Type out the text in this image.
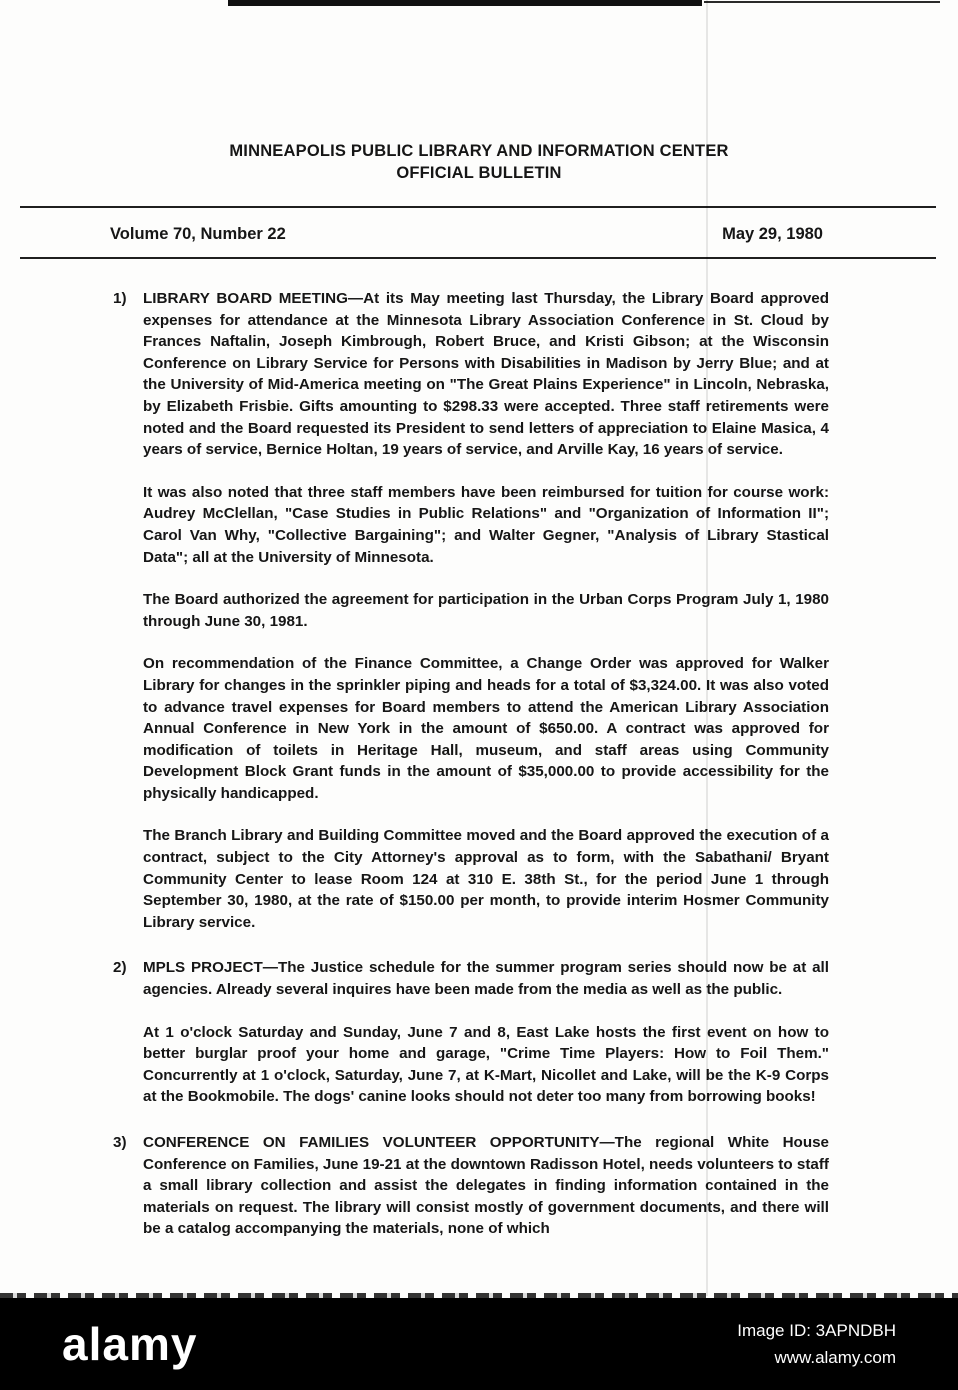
MINNEAPOLIS PUBLIC LIBRARY AND INFORMATION CENTER
OFFICIAL BULLETIN
Volume 70, Number 22	May 29, 1980
1)	LIBRARY BOARD MEETING—At its May meeting last Thursday, the Library Board approved expenses for attendance at the Minnesota Library Association Conference in St. Cloud by Frances Naftalin, Joseph Kimbrough, Robert Bruce, and Kristi Gibson; at the Wisconsin Conference on Library Service for Persons with Disabilities in Madison by Jerry Blue; and at the University of Mid-America meeting on "The Great Plains Experience" in Lincoln, Nebraska, by Elizabeth Frisbie. Gifts amounting to $298.33 were accepted. Three staff retirements were noted and the Board requested its President to send letters of appreciation to Elaine Masica, 4 years of service, Bernice Holtan, 19 years of service, and Arville Kay, 16 years of service.

It was also noted that three staff members have been reimbursed for tuition for course work: Audrey McClellan, "Case Studies in Public Relations" and "Organization of Information II"; Carol Van Why, "Collective Bargaining"; and Walter Gegner, "Analysis of Library Stastical Data"; all at the University of Minnesota.

The Board authorized the agreement for participation in the Urban Corps Program July 1, 1980 through June 30, 1981.

On recommendation of the Finance Committee, a Change Order was approved for Walker Library for changes in the sprinkler piping and heads for a total of $3,324.00. It was also voted to advance travel expenses for Board members to attend the American Library Association Annual Conference in New York in the amount of $650.00. A contract was approved for modification of toilets in Heritage Hall, museum, and staff areas using Community Development Block Grant funds in the amount of $35,000.00 to provide accessibility for the physically handicapped.

The Branch Library and Building Committee moved and the Board approved the execution of a contract, subject to the City Attorney's approval as to form, with the Sabathani/ Bryant Community Center to lease Room 124 at 310 E. 38th St., for the period June 1 through September 30, 1980, at the rate of $150.00 per month, to provide interim Hosmer Community Library service.

2)	MPLS PROJECT—The Justice schedule for the summer program series should now be at all agencies. Already several inquires have been made from the media as well as the public.

At 1 o'clock Saturday and Sunday, June 7 and 8, East Lake hosts the first event on how to better burglar proof your home and garage, "Crime Time Players: How to Foil Them." Concurrently at 1 o'clock, Saturday, June 7, at K-Mart, Nicollet and Lake, will be the K-9 Corps at the Bookmobile. The dogs' canine looks should not deter too many from borrowing books!

3)	CONFERENCE ON FAMILIES VOLUNTEER OPPORTUNITY—The regional White House Conference on Families, June 19-21 at the downtown Radisson Hotel, needs volunteers to staff a small library collection and assist the delegates in finding information contained in the materials on request. The library will consist mostly of government documents, and there will be a catalog accompanying the materials, none of which

alamy	Image ID: 3APNDBH
www.alamy.com
